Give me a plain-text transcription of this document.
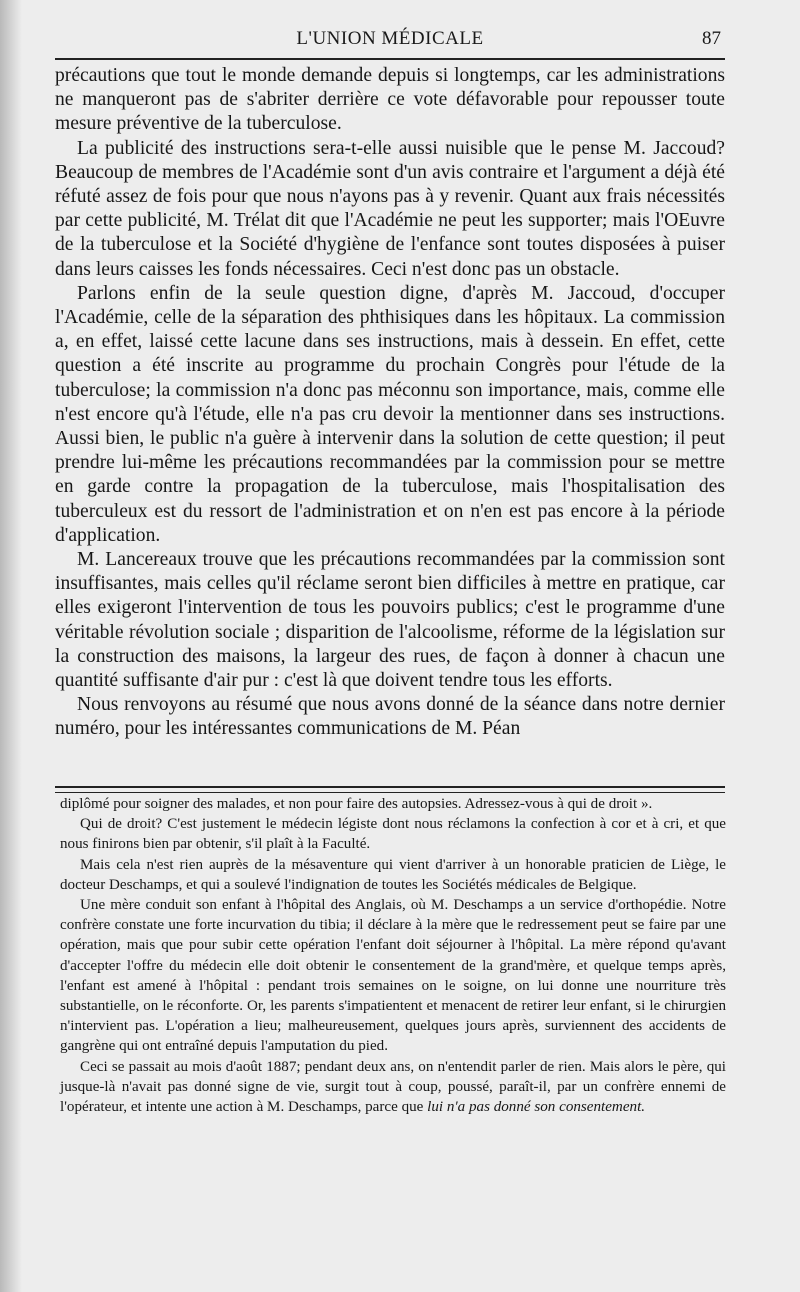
L'UNION MÉDICALE	87

précautions que tout le monde demande depuis si longtemps, car les administrations ne manqueront pas de s'abriter derrière ce vote défavorable pour repousser toute mesure préventive de la tuberculose.

La publicité des instructions sera-t-elle aussi nuisible que le pense M. Jaccoud? Beaucoup de membres de l'Académie sont d'un avis contraire et l'argument a déjà été réfuté assez de fois pour que nous n'ayons pas à y revenir. Quant aux frais nécessités par cette publicité, M. Trélat dit que l'Académie ne peut les supporter; mais l'OEuvre de la tuberculose et la Société d'hygiène de l'enfance sont toutes disposées à puiser dans leurs caisses les fonds nécessaires. Ceci n'est donc pas un obstacle.

Parlons enfin de la seule question digne, d'après M. Jaccoud, d'occuper l'Académie, celle de la séparation des phthisiques dans les hôpitaux. La commission a, en effet, laissé cette lacune dans ses instructions, mais à dessein. En effet, cette question a été inscrite au programme du prochain Congrès pour l'étude de la tuberculose; la commission n'a donc pas méconnu son importance, mais, comme elle n'est encore qu'à l'étude, elle n'a pas cru devoir la mentionner dans ses instructions. Aussi bien, le public n'a guère à intervenir dans la solution de cette question; il peut prendre lui-même les précautions recommandées par la commission pour se mettre en garde contre la propagation de la tuberculose, mais l'hospitalisation des tuberculeux est du ressort de l'administration et on n'en est pas encore à la période d'application.

M. Lancereaux trouve que les précautions recommandées par la commission sont insuffisantes, mais celles qu'il réclame seront bien difficiles à mettre en pratique, car elles exigeront l'intervention de tous les pouvoirs publics; c'est le programme d'une véritable révolution sociale ; disparition de l'alcoolisme, réforme de la législation sur la construction des maisons, la largeur des rues, de façon à donner à chacun une quantité suffisante d'air pur : c'est là que doivent tendre tous les efforts.

Nous renvoyons au résumé que nous avons donné de la séance dans notre dernier numéro, pour les intéressantes communications de M. Péan

diplômé pour soigner des malades, et non pour faire des autopsies. Adressez-vous à qui de droit ».

Qui de droit? C'est justement le médecin légiste dont nous réclamons la confection à cor et à cri, et que nous finirons bien par obtenir, s'il plaît à la Faculté.

Mais cela n'est rien auprès de la mésaventure qui vient d'arriver à un honorable praticien de Liège, le docteur Deschamps, et qui a soulevé l'indignation de toutes les Sociétés médicales de Belgique.

Une mère conduit son enfant à l'hôpital des Anglais, où M. Deschamps a un service d'orthopédie. Notre confrère constate une forte incurvation du tibia; il déclare à la mère que le redressement peut se faire par une opération, mais que pour subir cette opération l'enfant doit séjourner à l'hôpital. La mère répond qu'avant d'accepter l'offre du médecin elle doit obtenir le consentement de la grand'mère, et quelque temps après, l'enfant est amené à l'hôpital : pendant trois semaines on le soigne, on lui donne une nourriture très substantielle, on le réconforte. Or, les parents s'impatientent et menacent de retirer leur enfant, si le chirurgien n'intervient pas. L'opération a lieu; malheureusement, quelques jours après, surviennent des accidents de gangrène qui ont entraîné depuis l'amputation du pied.

Ceci se passait au mois d'août 1887; pendant deux ans, on n'entendit parler de rien. Mais alors le père, qui jusque-là n'avait pas donné signe de vie, surgit tout à coup, poussé, paraît-il, par un confrère ennemi de l'opérateur, et intente une action à M. Deschamps, parce que lui n'a pas donné son consentement.
